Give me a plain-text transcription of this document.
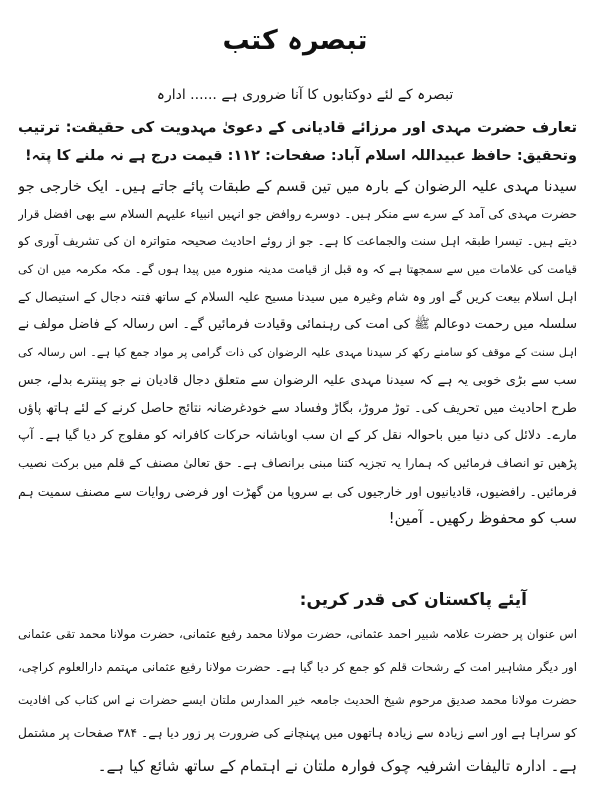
تبصرہ کتب
تبصرہ کے لئے دوکتابوں کا آنا ضروری ہے ...... ادارہ
تعارف حضرت مہدی اور مرزائے قادیانی کے دعویٰ مہدویت کی حقیقت: ترتیب
وتحقیق: حافظ عبیداللہ اسلام آباد: صفحات: ۱۱۲: قیمت درج ہے نہ ملنے کا پتہ!
سیدنا مہدی علیہ الرضوان کے بارہ میں تین قسم کے طبقات پائے جاتے ہیں۔ ایک خارجی جو
حضرت مہدی کی آمد کے سرے سے منکر ہیں۔ دوسرے روافض جو انہیں انبیاء علیہم السلام سے بھی افضل قرار
دیتے ہیں۔ تیسرا طبقہ اہل سنت والجماعت کا ہے۔ جو از روئے احادیث صحیحہ متواترہ ان کی تشریف آوری کو
قیامت کی علامات میں سے سمجھتا ہے کہ وہ قبل از قیامت مدینہ منورہ میں پیدا ہوں گے۔ مکہ مکرمہ میں ان کی
اہل اسلام بیعت کریں گے اور وہ شام وغیرہ میں سیدنا مسیح علیہ السلام کے ساتھ فتنہ دجال کے استیصال کے
سلسلہ میں رحمت دوعالم ﷺ کی امت کی رہنمائی وقیادت فرمائیں گے۔ اس رسالہ کے فاضل مولف نے
اہل سنت کے موقف کو سامنے رکھ کر سیدنا مہدی علیہ الرضوان کی ذات گرامی پر مواد جمع کیا ہے۔ اس رسالہ کی
سب سے بڑی خوبی یہ ہے کہ سیدنا مہدی علیہ الرضوان سے متعلق دجال قادیان نے جو پینترے بدلے، جس
طرح احادیث میں تحریف کی۔ توڑ مروڑ، بگاڑ وفساد سے خودغرضانہ نتائج حاصل کرنے کے لئے ہاتھ پاؤں
مارے۔ دلائل کی دنیا میں باحوالہ نقل کر کے ان سب اوباشانہ حرکات کافرانہ کو مفلوج کر دیا گیا ہے۔ آپ
پڑھیں تو انصاف فرمائیں کہ ہمارا یہ تجزیہ کتنا مبنی برانصاف ہے۔ حق تعالیٰ مصنف کے قلم میں برکت نصیب
فرمائیں۔ رافضیوں، قادیانیوں اور خارجیوں کی بے سروپا من گھڑت اور فرضی روایات سے مصنف سمیت ہم
سب کو محفوظ رکھیں۔ آمین!
آیئے پاکستان کی قدر کریں:
اس عنوان پر حضرت علامہ شبیر احمد عثمانی، حضرت مولانا محمد رفیع عثمانی، حضرت مولانا محمد تقی عثمانی
اور دیگر مشاہیر امت کے رشحات قلم کو جمع کر دیا گیا ہے۔ حضرت مولانا رفیع عثمانی مہتمم دارالعلوم کراچی،
حضرت مولانا محمد صدیق مرحوم شیخ الحدیث جامعہ خیر المدارس ملتان ایسے حضرات نے اس کتاب کی افادیت
کو سراہا ہے اور اسے زیادہ سے زیادہ ہاتھوں میں پہنچانے کی ضرورت پر زور دیا ہے۔ ۳۸۴ صفحات پر مشتمل
ہے۔ ادارہ تالیفات اشرفیہ چوک فوارہ ملتان نے اہتمام کے ساتھ شائع کیا ہے۔
